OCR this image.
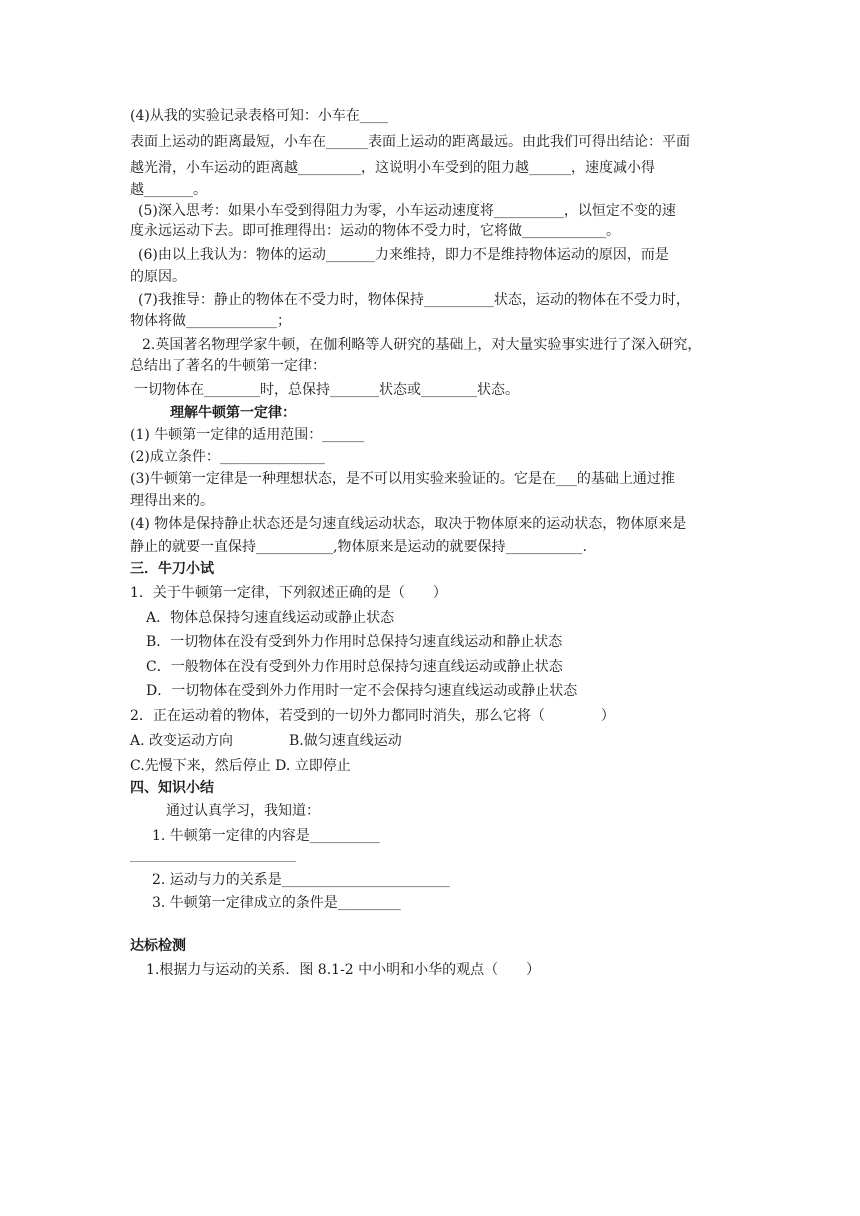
(4)从我的实验记录表格可知：小车在____
表面上运动的距离最短，小车在______表面上运动的距离最远。由此我们可得出结论：平面
越光滑，小车运动的距离越_________，这说明小车受到的阻力越______，速度减小得
越_______。
(5)深入思考：如果小车受到得阻力为零，小车运动速度将__________，以恒定不变的速
度永远运动下去。即可推理得出：运动的物体不受力时，它将做____________。
(6)由以上我认为：物体的运动_______力来维持，即力不是维持物体运动的原因，而是
的原因。
(7)我推导：静止的物体在不受力时，物体保持__________状态，运动的物体在不受力时，
物体将做_____________；
2.英国著名物理学家牛顿，在伽利略等人研究的基础上，对大量实验事实进行了深入研究，
总结出了著名的牛顿第一定律：
一切物体在________时，总保持_______状态或________状态。
理解牛顿第一定律：
(1) 牛顿第一定律的适用范围：______
(2)成立条件：_______________
(3)牛顿第一定律是一种理想状态，是不可以用实验来验证的。它是在___的基础上通过推
理得出来的。
(4) 物体是保持静止状态还是匀速直线运动状态，取决于物体原来的运动状态，物体原来是
静止的就要一直保持___________,物体原来是运动的就要保持___________.
三．牛刀小试
1．关于牛顿第一定律，下列叙述正确的是（　　）
A．物体总保持匀速直线运动或静止状态
B．一切物体在没有受到外力作用时总保持匀速直线运动和静止状态
C．一般物体在没有受到外力作用时总保持匀速直线运动或静止状态
D．一切物体在受到外力作用时一定不会保持匀速直线运动或静止状态
2．正在运动着的物体，若受到的一切外力都同时消失，那么它将（　　　　）
A. 改变运动方向　　　　B.做匀速直线运动
C.先慢下来，然后停止 D. 立即停止
四、知识小结
通过认真学习，我知道：
1. 牛顿第一定律的内容是__________
2. 运动与力的关系是________________________
3. 牛顿第一定律成立的条件是_________
达标检测
1.根据力与运动的关系．图 8.1-2 中小明和小华的观点（　　）
